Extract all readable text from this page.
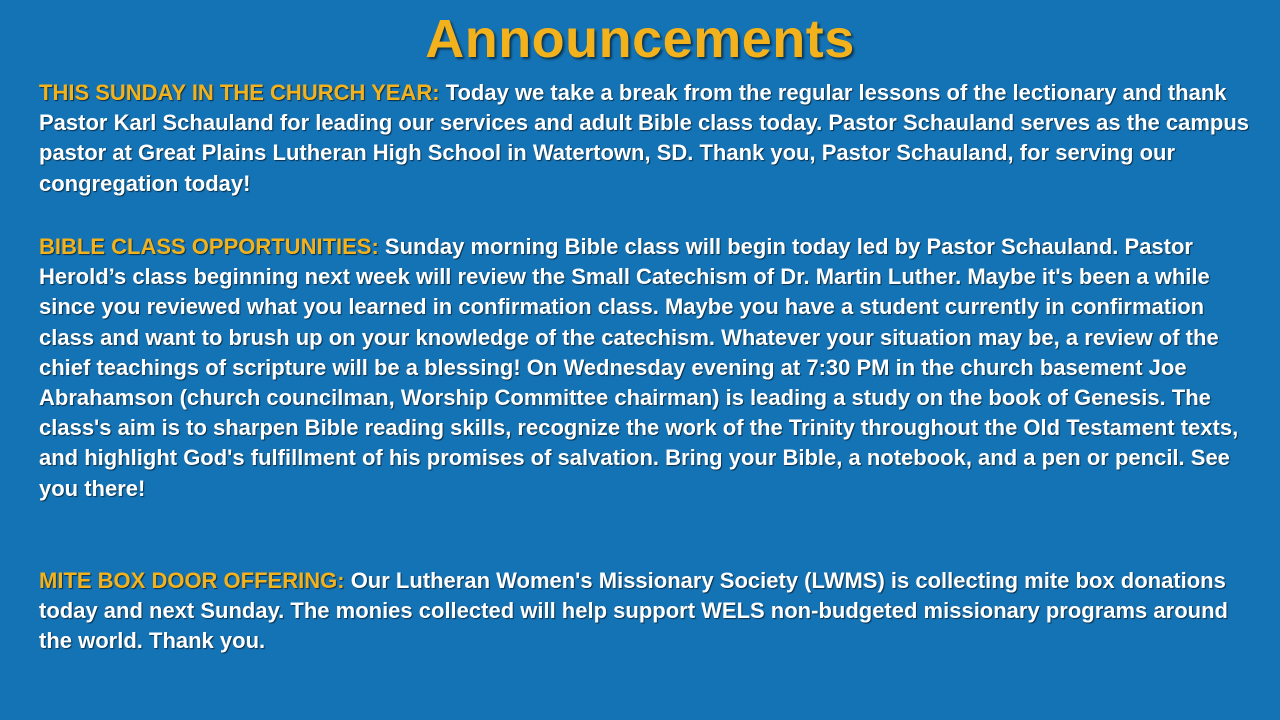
Announcements

THIS SUNDAY IN THE CHURCH YEAR: Today we take a break from the regular lessons of the lectionary and thank Pastor Karl Schauland for leading our services and adult Bible class today. Pastor Schauland serves as the campus pastor at Great Plains Lutheran High School in Watertown, SD. Thank you, Pastor Schauland, for serving our congregation today!

BIBLE CLASS OPPORTUNITIES: Sunday morning Bible class will begin today led by Pastor Schauland. Pastor Herold’s class beginning next week will review the Small Catechism of Dr. Martin Luther. Maybe it's been a while since you reviewed what you learned in confirmation class. Maybe you have a student currently in confirmation class and want to brush up on your knowledge of the catechism. Whatever your situation may be, a review of the chief teachings of scripture will be a blessing! On Wednesday evening at 7:30 PM in the church basement Joe Abrahamson (church councilman, Worship Committee chairman) is leading a study on the book of Genesis. The class's aim is to sharpen Bible reading skills, recognize the work of the Trinity throughout the Old Testament texts, and highlight God's fulfillment of his promises of salvation. Bring your Bible, a notebook, and a pen or pencil. See you there!

MITE BOX DOOR OFFERING: Our Lutheran Women's Missionary Society (LWMS) is collecting mite box donations today and next Sunday. The monies collected will help support WELS non-budgeted missionary programs around the world. Thank you.
